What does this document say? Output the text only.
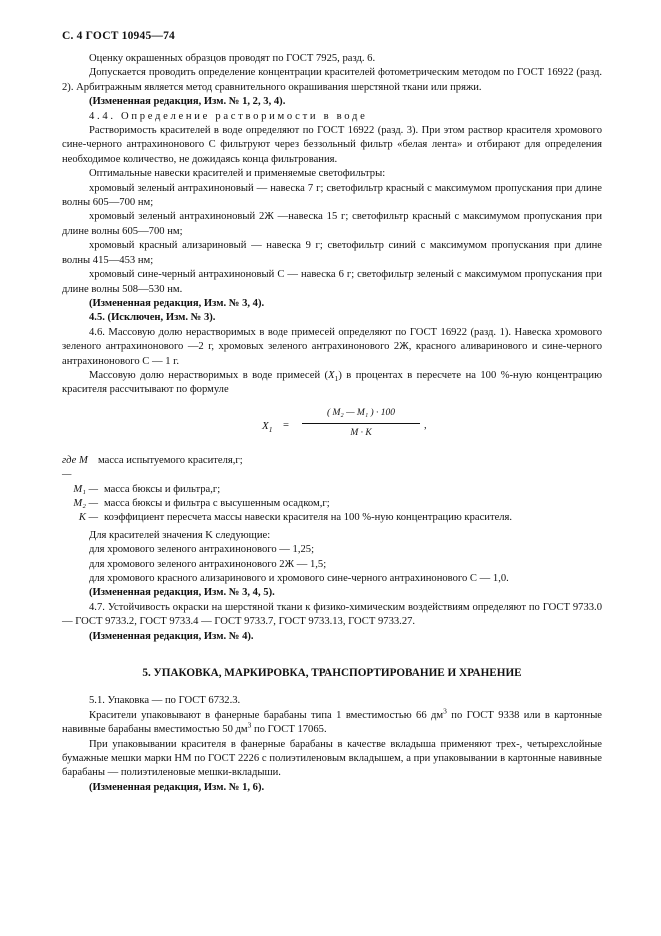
С. 4 ГОСТ 10945—74

Оценку окрашенных образцов проводят по ГОСТ 7925, разд. 6.

Допускается проводить определение концентрации красителей фотометрическим методом по ГОСТ 16922 (разд. 2). Арбитражным является метод сравнительного окрашивания шерстяной ткани или пряжи.

(Измененная редакция, Изм. № 1, 2, 3, 4).

4.4. Определение растворимости в воде

Растворимость красителей в воде определяют по ГОСТ 16922 (разд. 3). При этом раствор красителя хромового сине-черного антрахинонового С фильтруют через беззольный фильтр «белая лента» и отбирают для определения необходимое количество, не дожидаясь конца фильтрования.

Оптимальные навески красителей и применяемые светофильтры:

хромовый зеленый антрахиноновый — навеска 7 г; светофильтр красный с максимумом пропускания при длине волны 605—700 нм;

хромовый зеленый антрахиноновый 2Ж —навеска 15 г; светофильтр красный с максимумом пропускания при длине волны 605—700 нм;

хромовый красный ализариновый — навеска 9 г; светофильтр синий с максимумом пропускания при длине волны 415—453 нм;

хромовый сине-черный антрахиноновый С — навеска 6 г; светофильтр зеленый с максимумом пропускания при длине волны 508—530 нм.

(Измененная редакция, Изм. № 3, 4).

4.5. (Исключен, Изм. № 3).

4.6. Массовую долю нерастворимых в воде примесей определяют по ГОСТ 16922 (разд. 1). Навеска хромового зеленого антрахинонового —2 г, хромовых зеленого антрахинонового 2Ж, красного аливаринового и сине-черного антрахинонового С — 1 г.

Массовую долю нерастворимых в воде примесей $(X_1)$ в процентах в пересчете на 100 %-ную концентрацию красителя рассчитывают по формуле

$X_1$ =
( M₂ — M₁ ) · 100
M · K
,
где M —
масса испытуемого красителя,г;
M₁ — масса бюксы и фильтра,г;
M₂ — масса бюксы и фильтра с высушенным осадком,г;
K — коэффициент пересчета массы навески красителя на 100 %-ную концентрацию красителя.

Для красителей значения K следующие:

для хромового зеленого антрахинонового — 1,25;

для хромового зеленого антрахинонового 2Ж — 1,5;

для хромового красного ализаринового и хромового сине-черного антрахинонового С — 1,0.

(Измененная редакция, Изм. № 3, 4, 5).

4.7. Устойчивость окраски на шерстяной ткани к физико-химическим воздействиям определяют по ГОСТ 9733.0 — ГОСТ 9733.2, ГОСТ 9733.4 — ГОСТ 9733.7, ГОСТ 9733.13, ГОСТ 9733.27.

(Измененная редакция, Изм. № 4).

5. УПАКОВКА, МАРКИРОВКА, ТРАНСПОРТИРОВАНИЕ И ХРАНЕНИЕ

5.1. Упаковка — по ГОСТ 6732.3.

Красители упаковывают в фанерные барабаны типа 1 вместимостью 66 $дм^3$ по ГОСТ 9338 или в картонные навивные барабаны вместимостью 50 $дм^3$ по ГОСТ 17065.

При упаковывании красителя в фанерные барабаны в качестве вкладыша применяют трех-, четырехслойные бумажные мешки марки НМ по ГОСТ 2226 с полиэтиленовым вкладышем, а при упаковывании в картонные навивные барабаны — полиэтиленовые мешки-вкладыши.

(Измененная редакция, Изм. № 1, 6).
